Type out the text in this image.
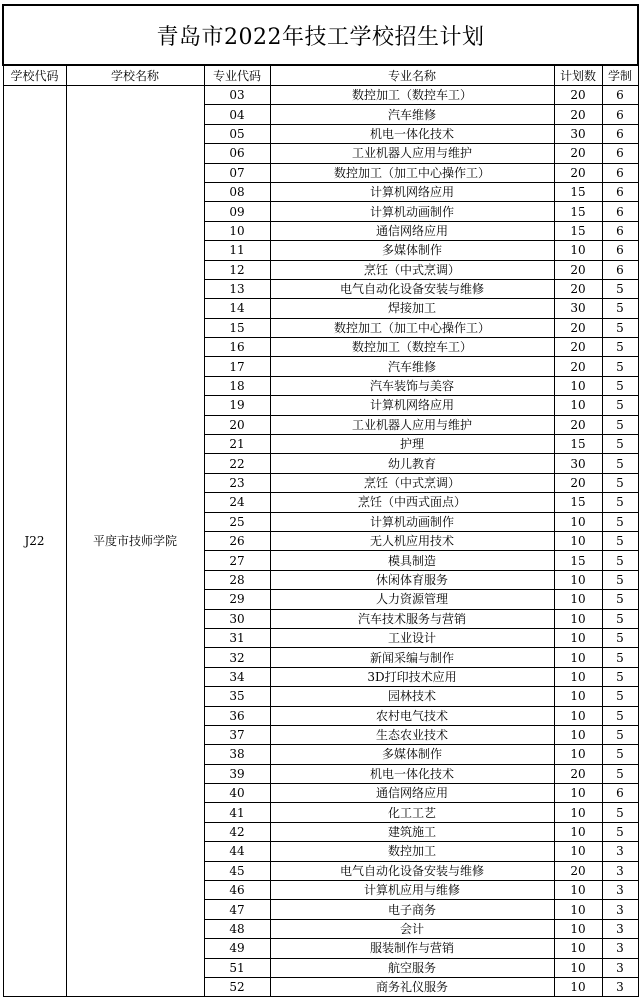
青岛市2022年技工学校招生计划					
学校代码	学校名称	专业代码	专业名称	计划数	学制
J22	平度市技师学院	03	数控加工（数控车工）	20	6
		04	汽车维修	20	6
		05	机电一体化技术	30	6
		06	工业机器人应用与维护	20	6
		07	数控加工（加工中心操作工）	20	6
		08	计算机网络应用	15	6
		09	计算机动画制作	15	6
		10	通信网络应用	15	6
		11	多媒体制作	10	6
		12	烹饪（中式烹调）	20	6
		13	电气自动化设备安装与维修	20	5
		14	焊接加工	30	5
		15	数控加工（加工中心操作工）	20	5
		16	数控加工（数控车工）	20	5
		17	汽车维修	20	5
		18	汽车装饰与美容	10	5
		19	计算机网络应用	10	5
		20	工业机器人应用与维护	20	5
		21	护理	15	5
		22	幼儿教育	30	5
		23	烹饪（中式烹调）	20	5
		24	烹饪（中西式面点）	15	5
		25	计算机动画制作	10	5
		26	无人机应用技术	10	5
		27	模具制造	15	5
		28	休闲体育服务	10	5
		29	人力资源管理	10	5
		30	汽车技术服务与营销	10	5
		31	工业设计	10	5
		32	新闻采编与制作	10	5
		34	3D打印技术应用	10	5
		35	园林技术	10	5
		36	农村电气技术	10	5
		37	生态农业技术	10	5
		38	多媒体制作	10	5
		39	机电一体化技术	20	5
		40	通信网络应用	10	6
		41	化工工艺	10	5
		42	建筑施工	10	5
		44	数控加工	10	3
		45	电气自动化设备安装与维修	20	3
		46	计算机应用与维修	10	3
		47	电子商务	10	3
		48	会计	10	3
		49	服装制作与营销	10	3
		51	航空服务	10	3
		52	商务礼仪服务	10	3
